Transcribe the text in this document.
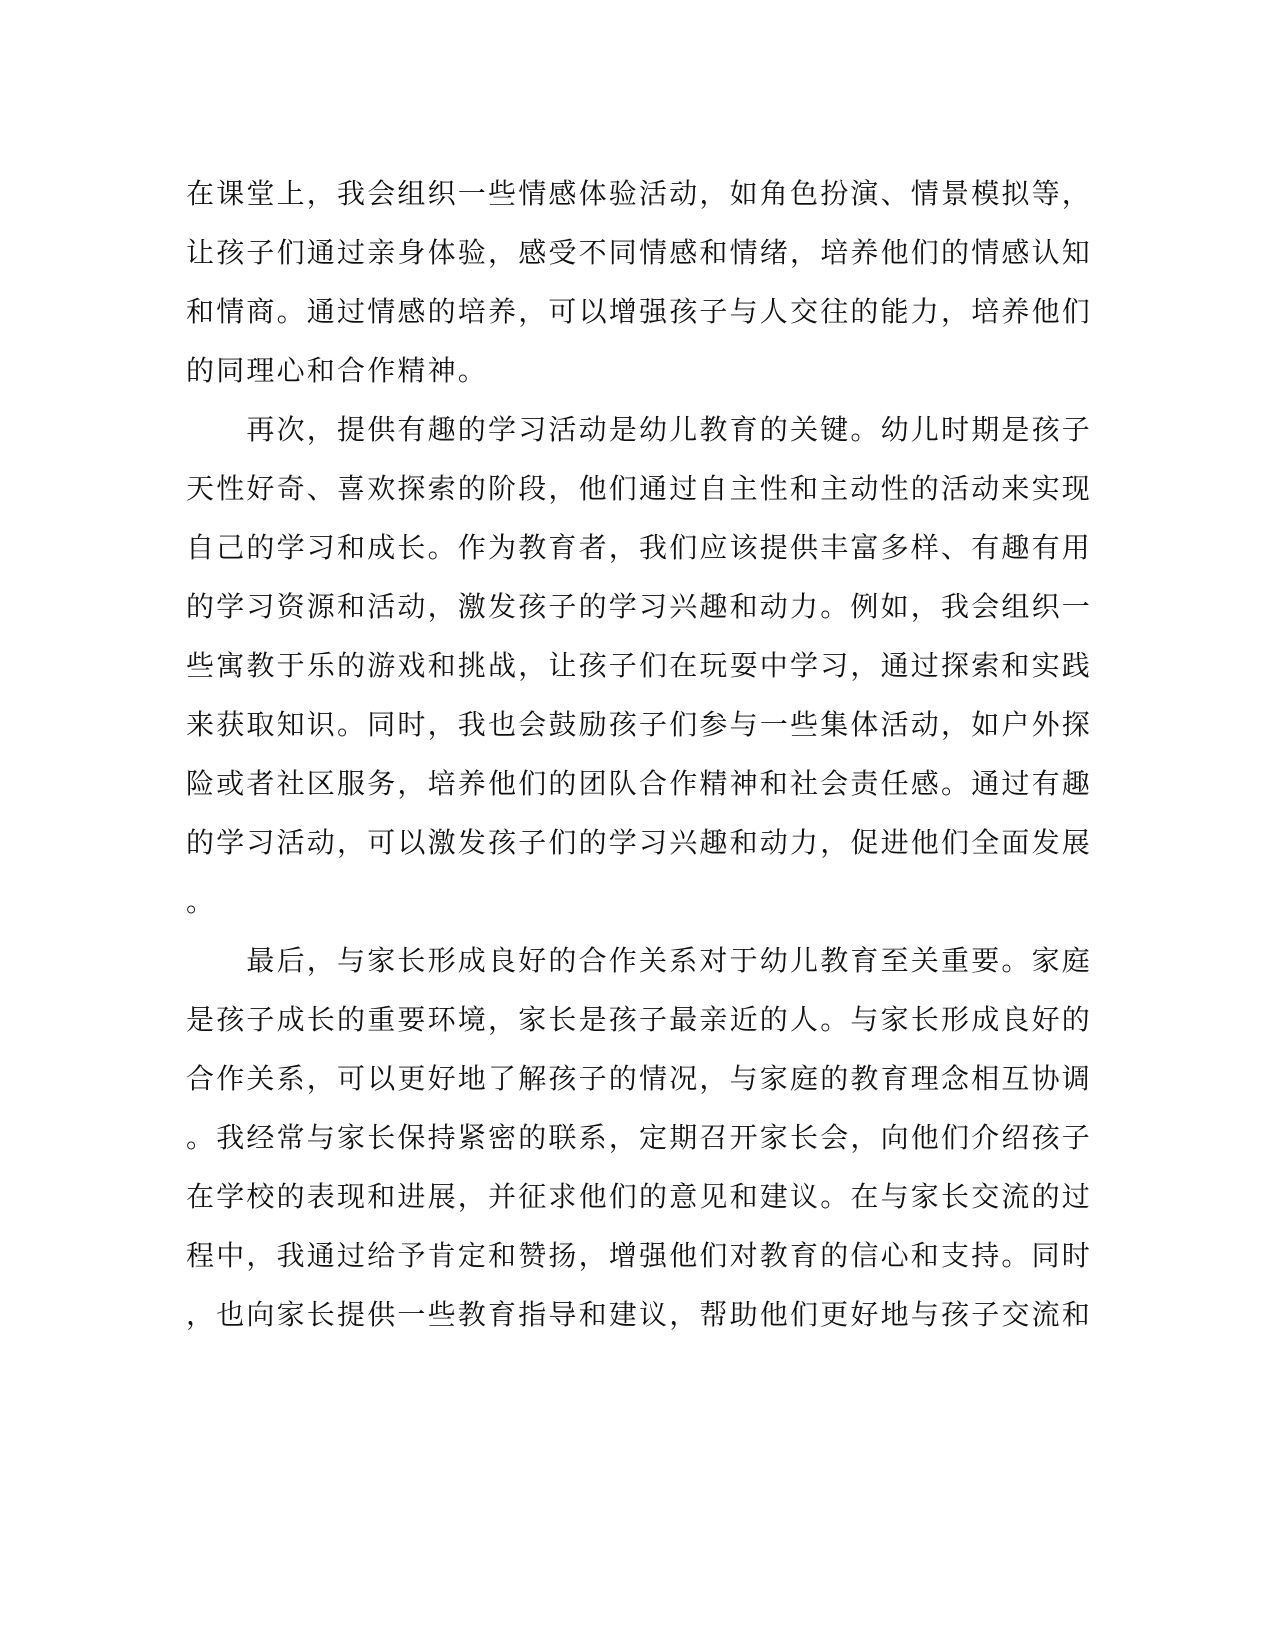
在课堂上，我会组织一些情感体验活动，如角色扮演、情景模拟等，
让孩子们通过亲身体验，感受不同情感和情绪，培养他们的情感认知
和情商。通过情感的培养，可以增强孩子与人交往的能力，培养他们
的同理心和合作精神。
　　再次，提供有趣的学习活动是幼儿教育的关键。幼儿时期是孩子
天性好奇、喜欢探索的阶段，他们通过自主性和主动性的活动来实现
自己的学习和成长。作为教育者，我们应该提供丰富多样、有趣有用
的学习资源和活动，激发孩子的学习兴趣和动力。例如，我会组织一
些寓教于乐的游戏和挑战，让孩子们在玩耍中学习，通过探索和实践
来获取知识。同时，我也会鼓励孩子们参与一些集体活动，如户外探
险或者社区服务，培养他们的团队合作精神和社会责任感。通过有趣
的学习活动，可以激发孩子们的学习兴趣和动力，促进他们全面发展
。
　　最后，与家长形成良好的合作关系对于幼儿教育至关重要。家庭
是孩子成长的重要环境，家长是孩子最亲近的人。与家长形成良好的
合作关系，可以更好地了解孩子的情况，与家庭的教育理念相互协调
。我经常与家长保持紧密的联系，定期召开家长会，向他们介绍孩子
在学校的表现和进展，并征求他们的意见和建议。在与家长交流的过
程中，我通过给予肯定和赞扬，增强他们对教育的信心和支持。同时
，也向家长提供一些教育指导和建议，帮助他们更好地与孩子交流和
